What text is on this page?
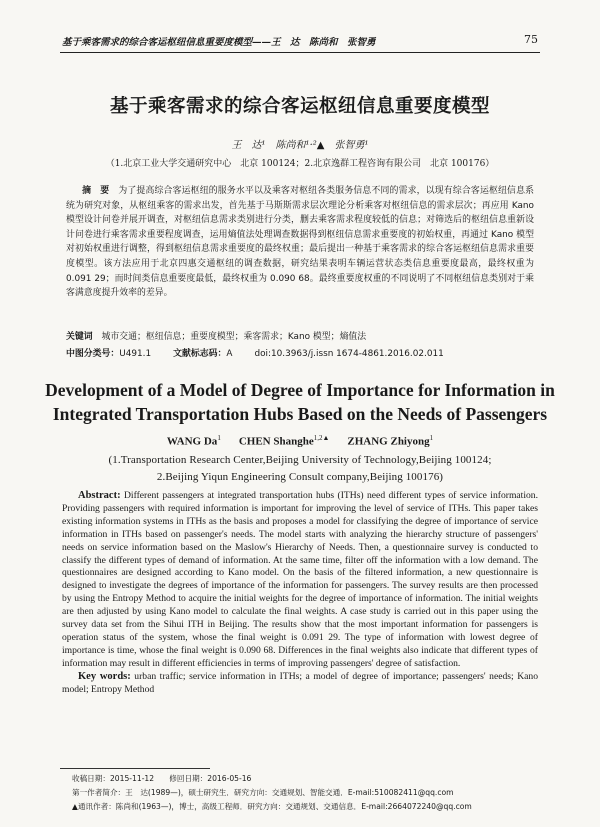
基于乘客需求的综合客运枢纽信息重要度模型——王　达　陈尚和　张智勇	75
基于乘客需求的综合客运枢纽信息重要度模型
王　达¹　陈尚和¹·²▲　张智勇¹
（1.北京工业大学交通研究中心　北京 100124；2.北京逸群工程咨询有限公司　北京 100176）
摘　要　 为了提高综合客运枢纽的服务水平以及乘客对枢纽各类服务信息不同的需求，以现有综合客运枢纽信息系统为研究对象，从枢纽乘客的需求出发，首先基于马斯斯需求层次理论分析乘客对枢纽信息的需求层次；再应用 Kano 模型设计问卷并展开调查，对枢纽信息需求类别进行分类，删去乘客需求程度较低的信息；对筛选后的枢纽信息重新设计问卷进行乘客需求重要程度调查，运用熵值法处理调查数据得到枢纽信息需求重要度的初始权重，再通过 Kano 模型对初始权重进行调整，得到枢纽信息需求重要度的最终权重；最后提出一种基于乘客需求的综合客运枢纽信息需求重要度模型。该方法应用于北京四惠交通枢纽的调查数据，研究结果表明车辆运营状态类信息重要度最高，最终权重为 0.091 29；而时间类信息重要度最低，最终权重为 0.090 68。最终重要度权重的不同说明了不同枢纽信息类别对于乘客满意度提升效率的差异。
关键词　 城市交通；枢纽信息；重要度模型；乘客需求；Kano 模型；熵值法
中图分类号：U491.1 文献标志码：A doi:10.3963/j.issn 1674-4861.2016.02.011
Development of a Model of Degree of Importance for Information in Integrated Transportation Hubs Based on the Needs of Passengers
WANG Da$^1$ CHEN Shanghe$^{1,2▲}$ ZHANG Zhiyong$^1$
(1.Transportation Research Center,Beijing University of Technology,Beijing 100124;
2.Beijing Yiqun Engineering Consult company,Beijing 100176)

Abstract: Different passengers at integrated transportation hubs (ITHs) need different types of service information. Providing passengers with required information is important for improving the level of service of ITHs. This paper takes existing information systems in ITHs as the basis and proposes a model for classifying the degree of importance of service information in ITHs based on passenger's needs. The model starts with analyzing the hierarchy structure of passengers' needs on service information based on the Maslow's Hierarchy of Needs. Then, a questionnaire survey is conducted to classify the different types of demand of information. At the same time, filter off the information with a low demand. The questionnaires are designed according to Kano model. On the basis of the filtered information, a new questionnaire is designed to investigate the degrees of importance of the information for passengers. The survey results are then processed by using the Entropy Method to acquire the initial weights for the degree of importance of information. The initial weights are then adjusted by using Kano model to calculate the final weights. A case study is carried out in this paper using the survey data set from the Sihui ITH in Beijing. The results show that the most important information for passengers is operation status of the system, whose the final weight is 0.091 29. The type of information with lowest degree of importance is time, whose the final weight is 0.090 68. Differences in the final weights also indicate that different types of information may result in different efficiencies in terms of improving passengers' degree of satisfaction.

Key words: urban traffic; service information in ITHs; a model of degree of importance; passengers' needs; Kano model; Entropy Method

收稿日期：2015-11-12　　修回日期：2016-05-16
第一作者简介：王　达(1989—)，硕士研究生．研究方向：交通规划、智能交通．E-mail:510082411@qq.com
▲通讯作者：陈尚和(1963—)，博士，高级工程师．研究方向：交通规划、交通信息．E-mail:2664072240@qq.com
